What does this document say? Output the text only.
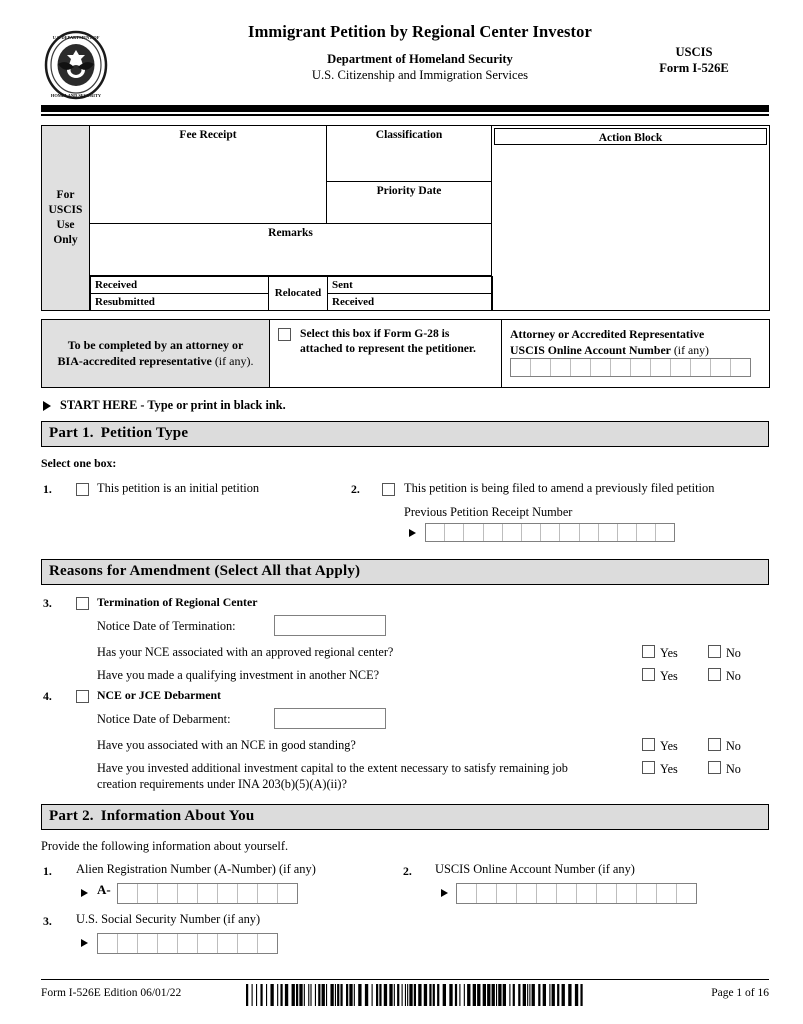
U.S. DEPARTMENT OF
HOMELAND SECURITY
Immigrant Petition by Regional Center Investor
Department of Homeland Security
U.S. Citizenship and Immigration Services
USCIS
Form I-526E
For
USCIS
Use
Only
	Fee Receipt	Classification	Action Block

Priority Date
Remarks

Received	Relocated	Sent
Resubmitted	Received
To be completed by an attorney or
BIA-accredited representative (if any).

Select this box if Form G-28 is attached to represent the petitioner.

Attorney or Accredited Representative
USCIS Online Account Number (if any)
START HERE - Type or print in black ink.
Part 1. Petition Type
Select one box:
1.	This petition is an initial petition	2.	This petition is being filed to amend a previously filed petition
Previous Petition Receipt Number
Reasons for Amendment (Select All that Apply)
3.	Termination of Regional Center
Notice Date of Termination:
Has your NCE associated with an approved regional center?	Yes	No
Have you made a qualifying investment in another NCE?	Yes	No
4.	NCE or JCE Debarment
Notice Date of Debarment:
Have you associated with an NCE in good standing?	Yes	No
Have you invested additional investment capital to the extent necessary to satisfy remaining job
creation requirements under INA 203(b)(5)(A)(ii)?
Yes	No
Part 2. Information About You
Provide the following information about yourself.
1. Alien Registration Number (A-Number) (if any)
A-
2. USCIS Online Account Number (if any)
3. U.S. Social Security Number (if any)
Form I-526E Edition 06/01/22	Page 1 of 16
